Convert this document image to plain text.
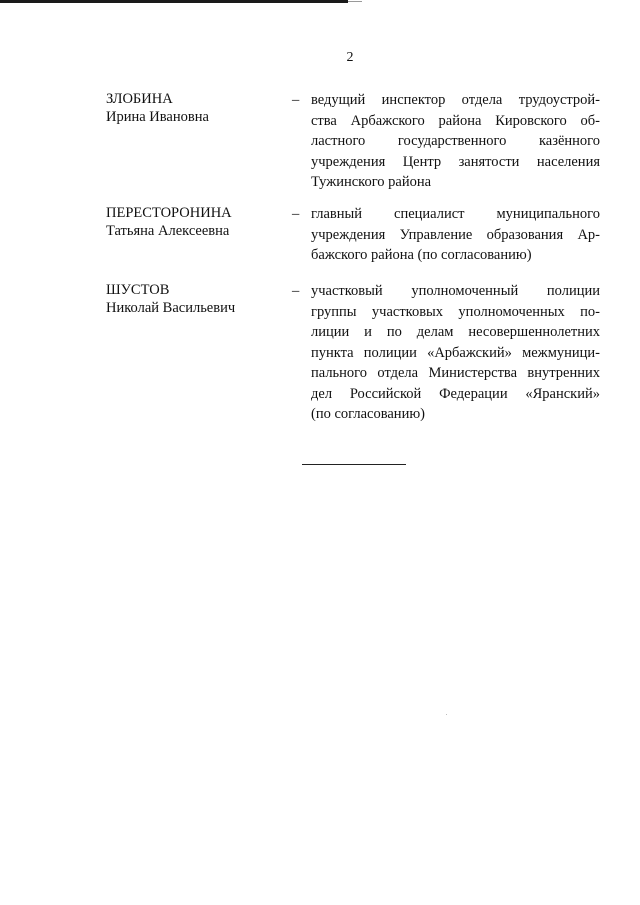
2
ЗЛОБИНА
Ирина Ивановна
– ведущий инспектор отдела трудоустрой-
ства Арбажского района Кировского об-
ластного государственного казённого
учреждения Центр занятости населения
Тужинского района
ПЕРЕСТОРОНИНА
Татьяна Алексеевна
– главный специалист муниципального
учреждения Управление образования Ар-
бажского района (по согласованию)
ШУСТОВ
Николай Васильевич
– участковый уполномоченный полиции
группы участковых уполномоченных по-
лиции и по делам несовершеннолетних
пункта полиции «Арбажский» межмуници-
пального отдела Министерства внутренних
дел Российской Федерации «Яранский»
(по согласованию)
